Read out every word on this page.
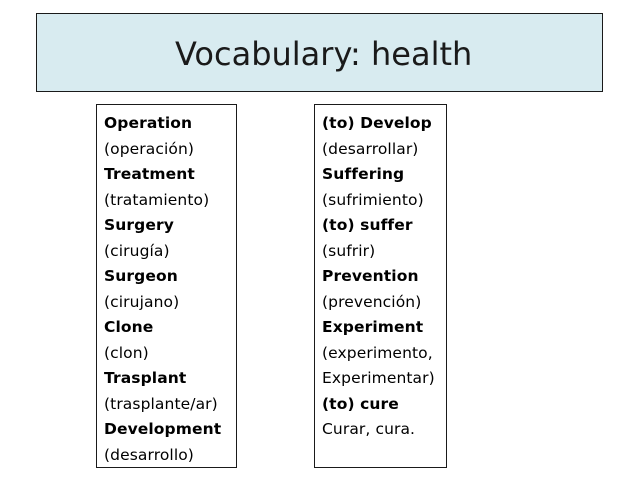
Vocabulary: health
Operation
(operación)
Treatment
(tratamiento)
Surgery
(cirugía)
Surgeon
(cirujano)
Clone
(clon)
Trasplant
(trasplante/ar)
Development
(desarrollo)
(to) Develop
(desarrollar)
Suffering
(sufrimiento)
(to) suffer
(sufrir)
Prevention
(prevención)
Experiment
(experimento,
Experimentar)
(to) cure
Curar, cura.
